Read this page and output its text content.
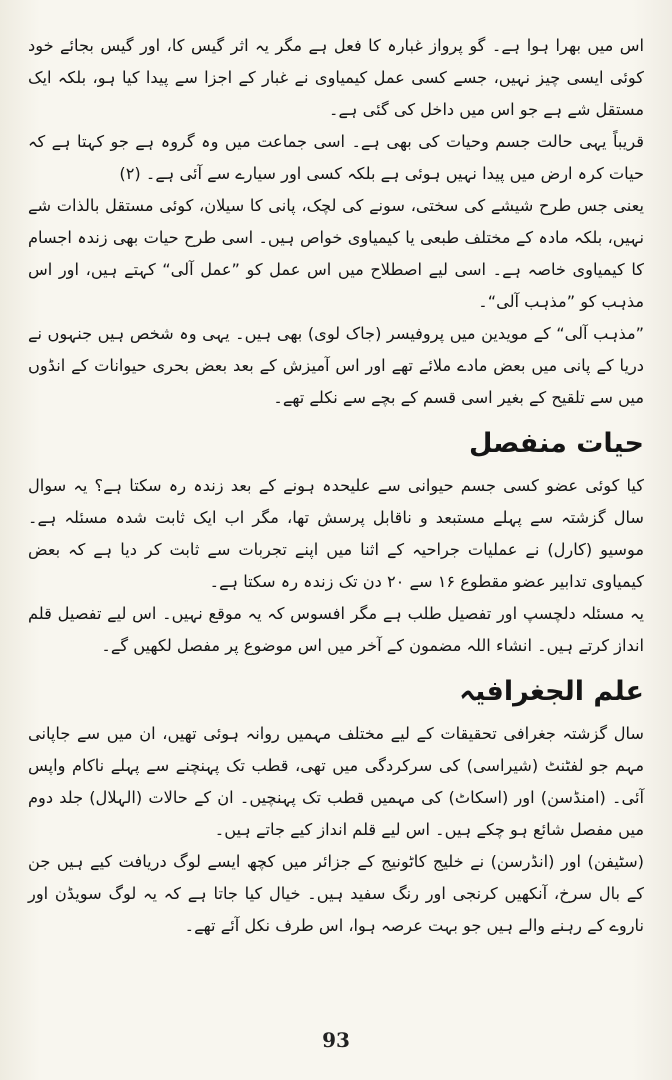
اس میں بھرا ہوا ہے۔ گو پرواز غبارہ کا فعل ہے مگر یہ اثر گیس کا، اور گیس بجائے خود کوئی ایسی چیز نہیں، جسے کسی عمل کیمیاوی نے غبار کے اجزا سے پیدا کیا ہو، بلکہ ایک مستقل شے ہے جو اس میں داخل کی گئی ہے۔

قریباً یہی حالت جسم وحیات کی بھی ہے۔ اسی جماعت میں وہ گروہ ہے جو کہتا ہے کہ حیات کرہ ارض میں پیدا نہیں ہوئی ہے بلکہ کسی اور سیارے سے آئی ہے۔ (۲)

یعنی جس طرح شیشے کی سختی، سونے کی لچک، پانی کا سیلان، کوئی مستقل بالذات شے نہیں، بلکہ مادہ کے مختلف طبعی یا کیمیاوی خواص ہیں۔ اسی طرح حیات بھی زندہ اجسام کا کیمیاوی خاصہ ہے۔ اسی لیے اصطلاح میں اس عمل کو ”عمل آلی“ کہتے ہیں، اور اس مذہب کو ”مذہب آلی“۔

”مذہب آلی“ کے مویدین میں پروفیسر (جاک لوی) بھی ہیں۔ یہی وہ شخص ہیں جنہوں نے دریا کے پانی میں بعض مادے ملائے تھے اور اس آمیزش کے بعد بعض بحری حیوانات کے انڈوں میں سے تلقیح کے بغیر اسی قسم کے بچے سے نکلے تھے۔

حیات منفصل

کیا کوئی عضو کسی جسم حیوانی سے علیحدہ ہونے کے بعد زندہ رہ سکتا ہے؟ یہ سوال سال گزشتہ سے پہلے مستبعد و ناقابل پرسش تھا، مگر اب ایک ثابت شدہ مسئلہ ہے۔ موسیو (کارل) نے عملیات جراحیہ کے اثنا میں اپنے تجربات سے ثابت کر دیا ہے کہ بعض کیمیاوی تدابیر عضو مقطوع ۱۶ سے ۲۰ دن تک زندہ رہ سکتا ہے۔

یہ مسئلہ دلچسپ اور تفصیل طلب ہے مگر افسوس کہ یہ موقع نہیں۔ اس لیے تفصیل قلم انداز کرتے ہیں۔ انشاء اللہ مضمون کے آخر میں اس موضوع پر مفصل لکھیں گے۔

علم الجغرافیہ

سال گزشتہ جغرافی تحقیقات کے لیے مختلف مہمیں روانہ ہوئی تھیں، ان میں سے جاپانی مہم جو لفٹنٹ (شیراسی) کی سرکردگی میں تھی، قطب تک پہنچنے سے پہلے ناکام واپس آئی۔ (امنڈسن) اور (اسکاٹ) کی مہمیں قطب تک پہنچیں۔ ان کے حالات (الہلال) جلد دوم میں مفصل شائع ہو چکے ہیں۔ اس لیے قلم انداز کیے جاتے ہیں۔

(سٹیفن) اور (انڈرسن) نے خلیج کاٹونیج کے جزائر میں کچھ ایسے لوگ دریافت کیے ہیں جن کے بال سرخ، آنکھیں کرنجی اور رنگ سفید ہیں۔ خیال کیا جاتا ہے کہ یہ لوگ سویڈن اور ناروے کے رہنے والے ہیں جو بہت عرصہ ہوا، اس طرف نکل آئے تھے۔

93
